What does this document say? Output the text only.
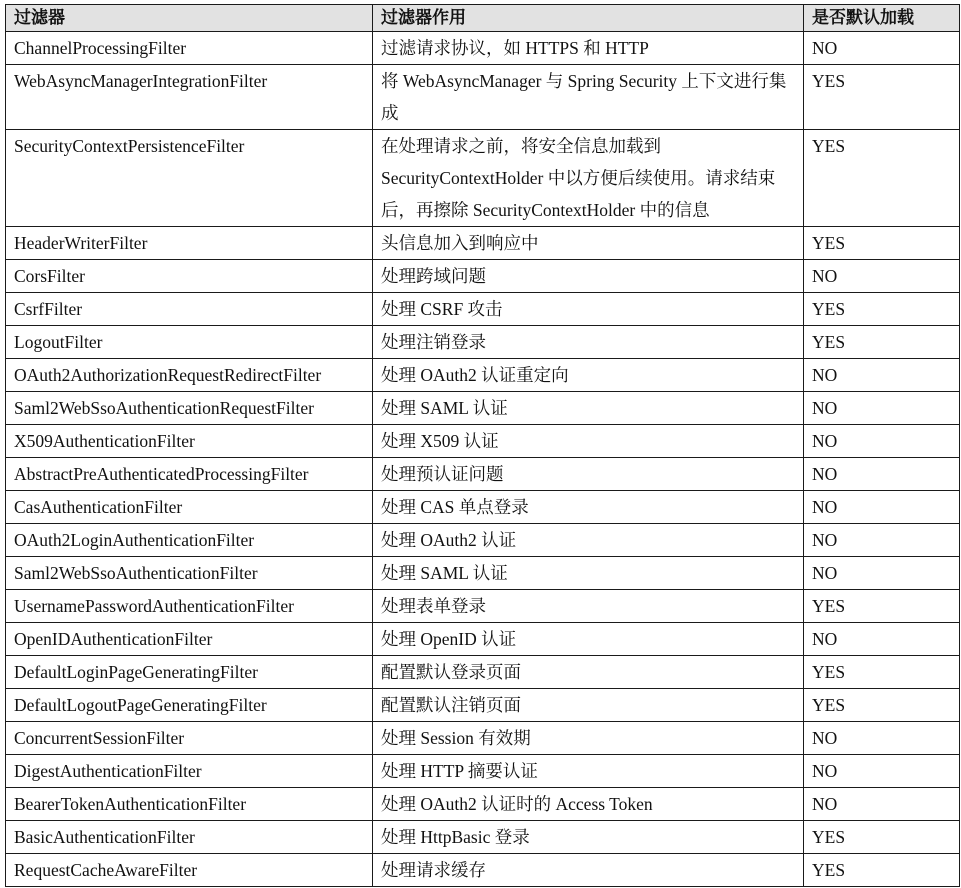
过滤器	过滤器作用	是否默认加载
ChannelProcessingFilter	过滤请求协议，如 HTTPS 和 HTTP	NO
WebAsyncManagerIntegrationFilter	将 WebAsyncManager 与 Spring Security 上下文进行集成	YES
SecurityContextPersistenceFilter	在处理请求之前，将安全信息加载到 SecurityContextHolder 中以方便后续使用。请求结束后，再擦除 SecurityContextHolder 中的信息	YES
HeaderWriterFilter	头信息加入到响应中	YES
CorsFilter	处理跨域问题	NO
CsrfFilter	处理 CSRF 攻击	YES
LogoutFilter	处理注销登录	YES
OAuth2AuthorizationRequestRedirectFilter	处理 OAuth2 认证重定向	NO
Saml2WebSsoAuthenticationRequestFilter	处理 SAML 认证	NO
X509AuthenticationFilter	处理 X509 认证	NO
AbstractPreAuthenticatedProcessingFilter	处理预认证问题	NO
CasAuthenticationFilter	处理 CAS 单点登录	NO
OAuth2LoginAuthenticationFilter	处理 OAuth2 认证	NO
Saml2WebSsoAuthenticationFilter	处理 SAML 认证	NO
UsernamePasswordAuthenticationFilter	处理表单登录	YES
OpenIDAuthenticationFilter	处理 OpenID 认证	NO
DefaultLoginPageGeneratingFilter	配置默认登录页面	YES
DefaultLogoutPageGeneratingFilter	配置默认注销页面	YES
ConcurrentSessionFilter	处理 Session 有效期	NO
DigestAuthenticationFilter	处理 HTTP 摘要认证	NO
BearerTokenAuthenticationFilter	处理 OAuth2 认证时的 Access Token	NO
BasicAuthenticationFilter	处理 HttpBasic 登录	YES
RequestCacheAwareFilter	处理请求缓存	YES
